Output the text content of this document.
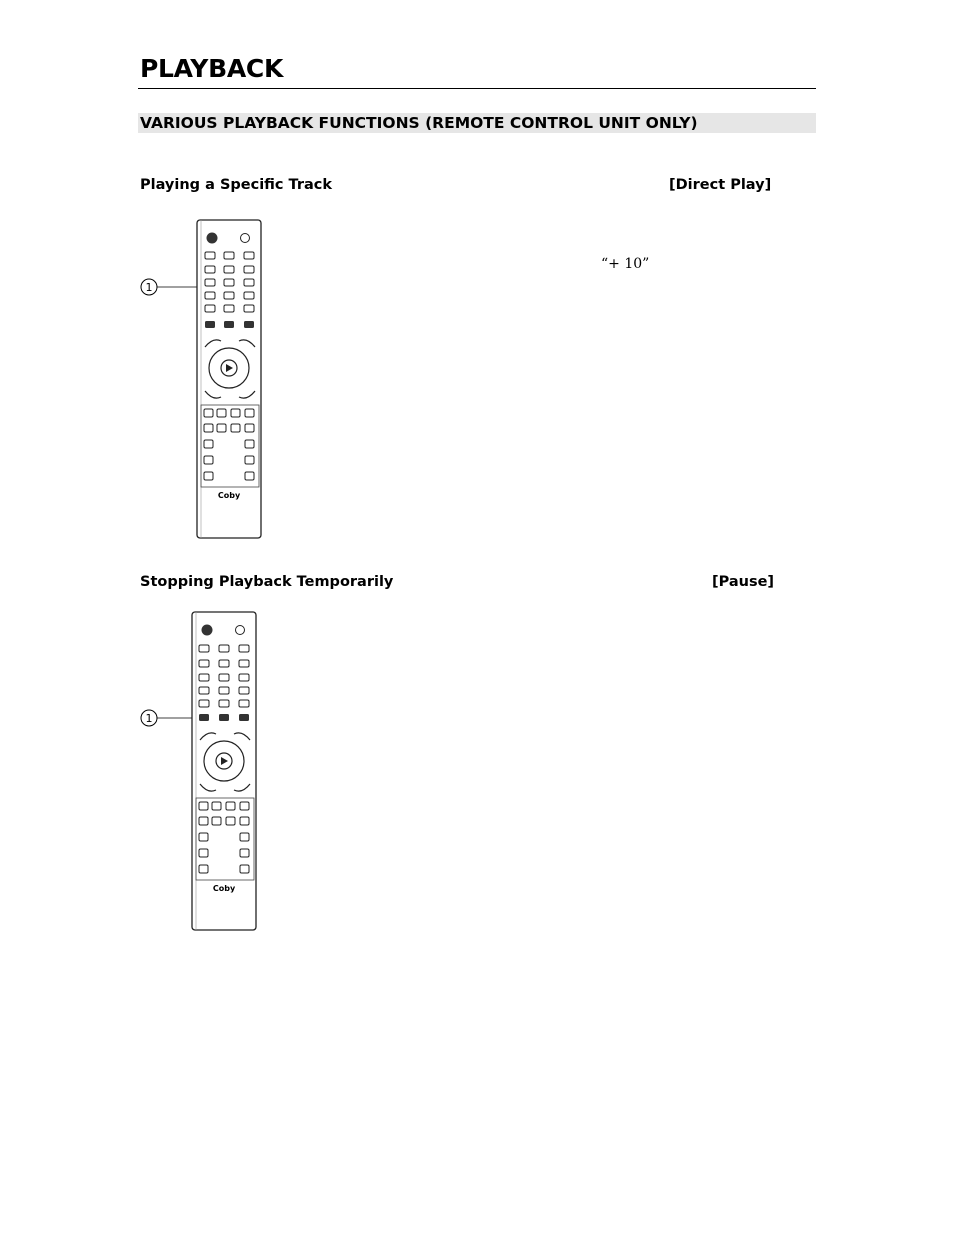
PLAYBACK
VARIOUS PLAYBACK FUNCTIONS (REMOTE CONTROL UNIT ONLY)
Playing a Specific Track	[Direct Play]
“+ 10”
1
Coby
Stopping Playback Temporarily	[Pause]
1
Coby
